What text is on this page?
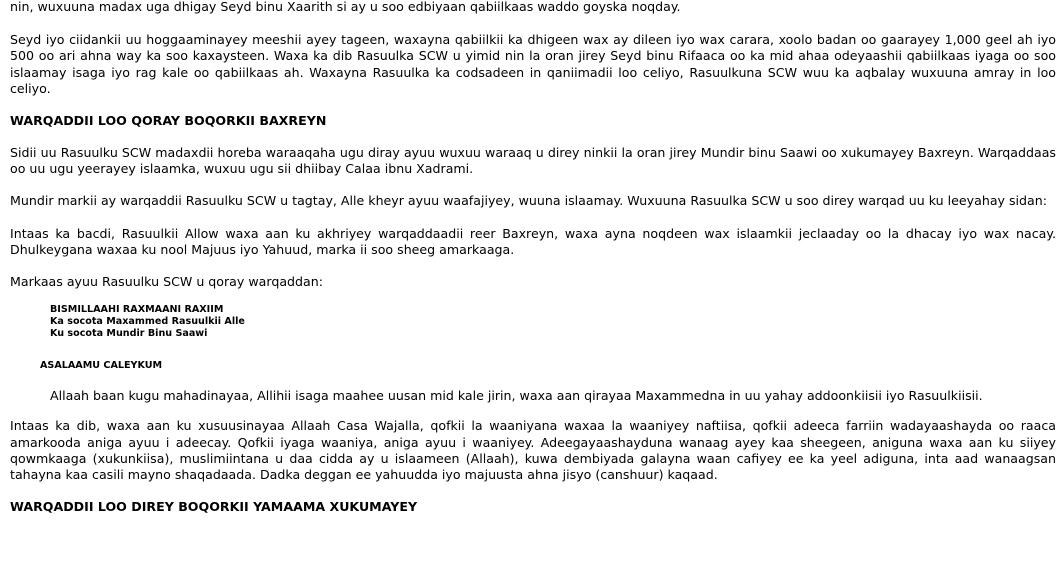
nin, wuxuuna madax uga dhigay Seyd binu Xaarith si ay u soo edbiyaan qabiilkaas waddo goyska noqday.

Seyd iyo ciidankii uu hoggaaminayey meeshii ayey tageen, waxayna qabiilkii ka dhigeen wax ay dileen iyo wax carara, xoolo badan oo gaarayey 1,000 geel ah iyo 500 oo ari ahna way ka soo kaxaysteen. Waxa ka dib Rasuulka SCW u yimid nin la oran jirey Seyd binu Rifaaca oo ka mid ahaa odeyaashii qabiilkaas iyaga oo soo islaamay isaga iyo rag kale oo qabiilkaas ah. Waxayna Rasuulka ka codsadeen in qaniimadii loo celiyo, Rasuulkuna SCW wuu ka aqbalay wuxuuna amray in loo celiyo.

WARQADDII LOO QORAY BOQORKII BAXREYN

Sidii uu Rasuulku SCW madaxdii horeba waraaqaha ugu diray ayuu wuxuu waraaq u direy ninkii la oran jirey Mundir binu Saawi oo xukumayey Baxreyn. Warqaddaas oo uu ugu yeerayey islaamka, wuxuu ugu sii dhiibay Calaa ibnu Xadrami.

Mundir markii ay warqaddii Rasuulku SCW u tagtay, Alle kheyr ayuu waafajiyey, wuuna islaamay. Wuxuuna Rasuulka SCW u soo direy warqad uu ku leeyahay sidan:

Intaas ka bacdi, Rasuulkii Allow waxa aan ku akhriyey warqaddaadii reer Baxreyn, waxa ayna noqdeen wax islaamkii jeclaaday oo la dhacay iyo wax nacay. Dhulkeygana waxaa ku nool Majuus iyo Yahuud, marka ii soo sheeg amarkaaga.

Markaas ayuu Rasuulku SCW u qoray warqaddan:

BISMILLAAHI RAXMAANI RAXIIM
Ka socota Maxammed Rasuulkii Alle
Ku socota Mundir Binu Saawi
ASALAAMU CALEYKUM

Allaah baan kugu mahadinayaa, Allihii isaga maahee uusan mid kale jirin, waxa aan qirayaa Maxammedna in uu yahay addoonkiisii iyo Rasuulkiisii.

Intaas ka dib, waxa aan ku xusuusinayaa Allaah Casa Wajalla, qofkii la waaniyana waxaa la waaniyey naftiisa, qofkii adeeca farriin wadayaashayda oo raaca amarkooda aniga ayuu i adeecay. Qofkii iyaga waaniya, aniga ayuu i waaniyey. Adeegayaashayduna wanaag ayey kaa sheegeen, aniguna waxa aan ku siiyey qowmkaaga (xukunkiisa), muslimiintana u daa cidda ay u islaameen (Allaah), kuwa dembiyada galayna waan cafiyey ee ka yeel adiguna, inta aad wanaagsan tahayna kaa casili mayno shaqadaada. Dadka deggan ee yahuudda iyo majuusta ahna jisyo (canshuur) kaqaad.

WARQADDII LOO DIREY BOQORKII YAMAAMA XUKUMAYEY
